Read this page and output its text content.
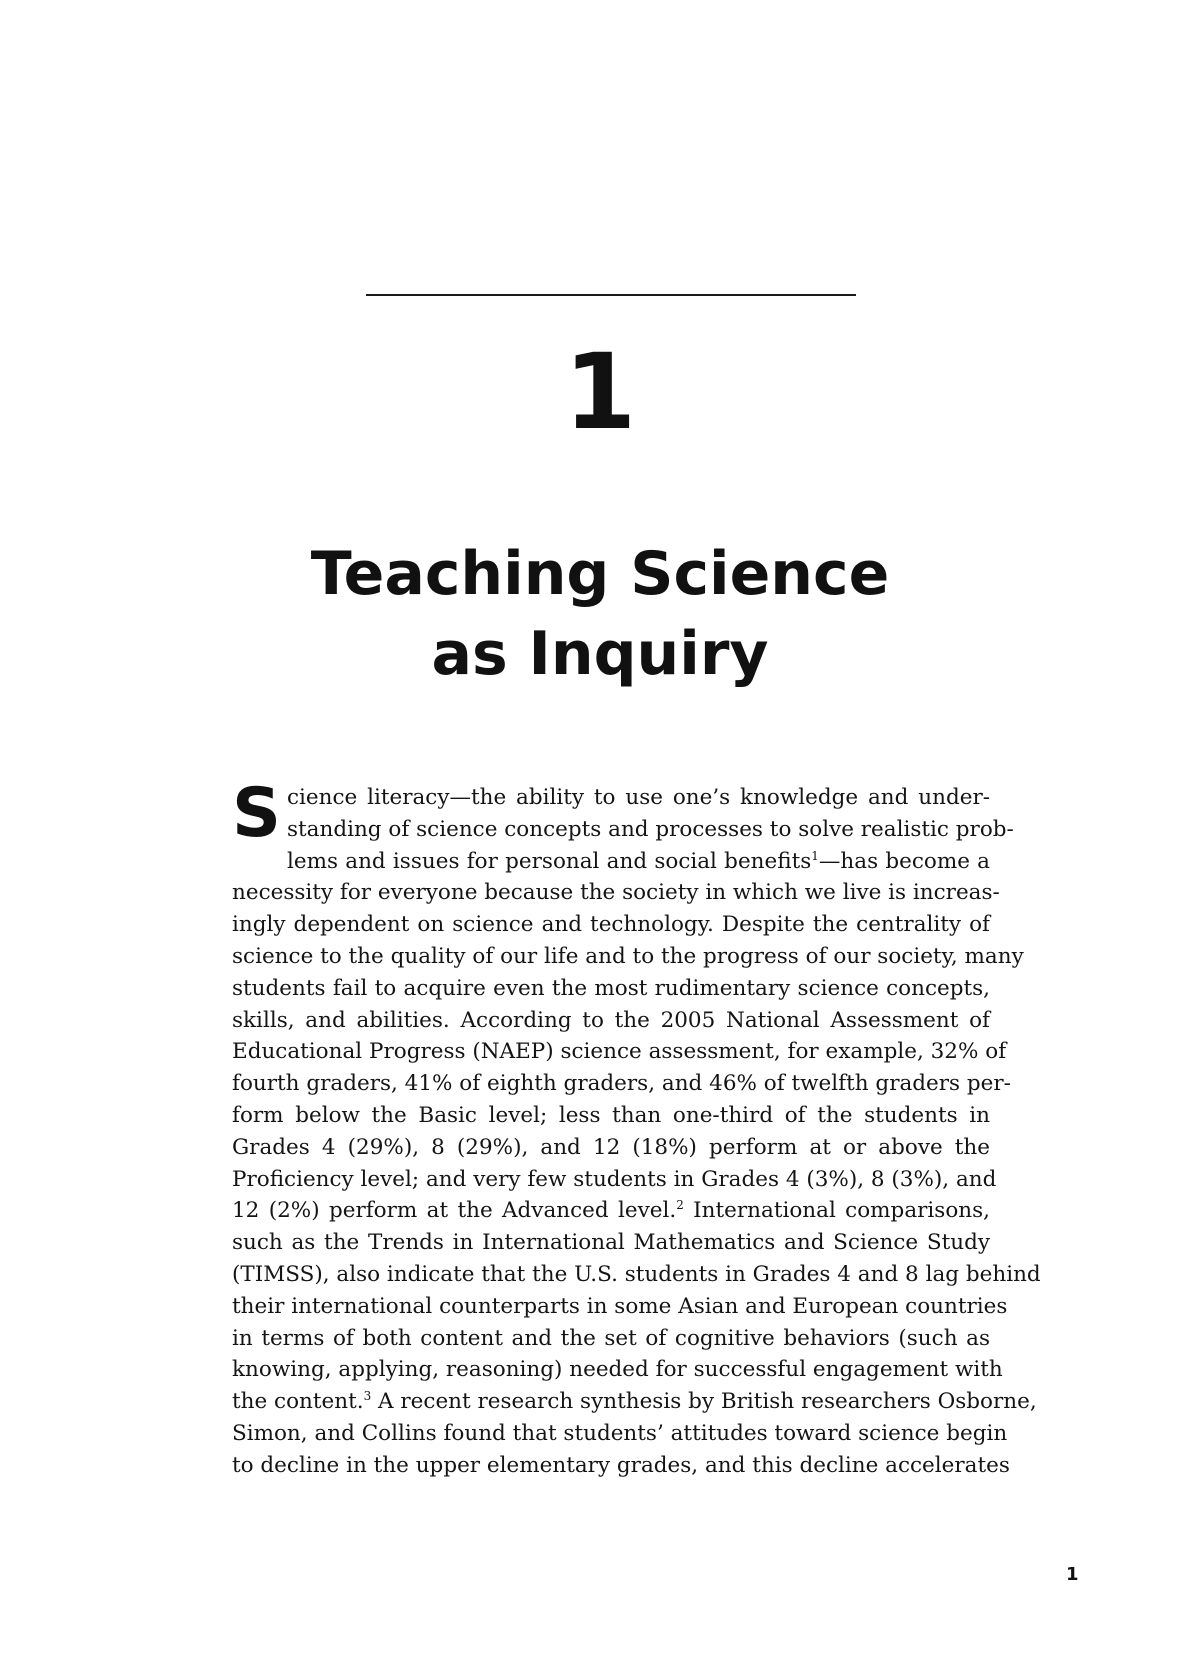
1
Teaching Science
as Inquiry
S cience literacy—the ability to use one’s knowledge and under-
standing of science concepts and processes to solve realistic prob-
lems and issues for personal and social benefits$^1$—has become a
necessity for everyone because the society in which we live is increas-
ingly dependent on science and technology. Despite the centrality of
science to the quality of our life and to the progress of our society, many
students fail to acquire even the most rudimentary science concepts,
skills, and abilities. According to the 2005 National Assessment of
Educational Progress (NAEP) science assessment, for example, 32% of
fourth graders, 41% of eighth graders, and 46% of twelfth graders per-
form below the Basic level; less than one-third of the students in
Grades 4 (29%), 8 (29%), and 12 (18%) perform at or above the
Proficiency level; and very few students in Grades 4 (3%), 8 (3%), and
12 (2%) perform at the Advanced level.$^2$ International comparisons,
such as the Trends in International Mathematics and Science Study
(TIMSS), also indicate that the U.S. students in Grades 4 and 8 lag behind
their international counterparts in some Asian and European countries
in terms of both content and the set of cognitive behaviors (such as
knowing, applying, reasoning) needed for successful engagement with
the content.$^3$ A recent research synthesis by British researchers Osborne,
Simon, and Collins found that students’ attitudes toward science begin
to decline in the upper elementary grades, and this decline accelerates
1
